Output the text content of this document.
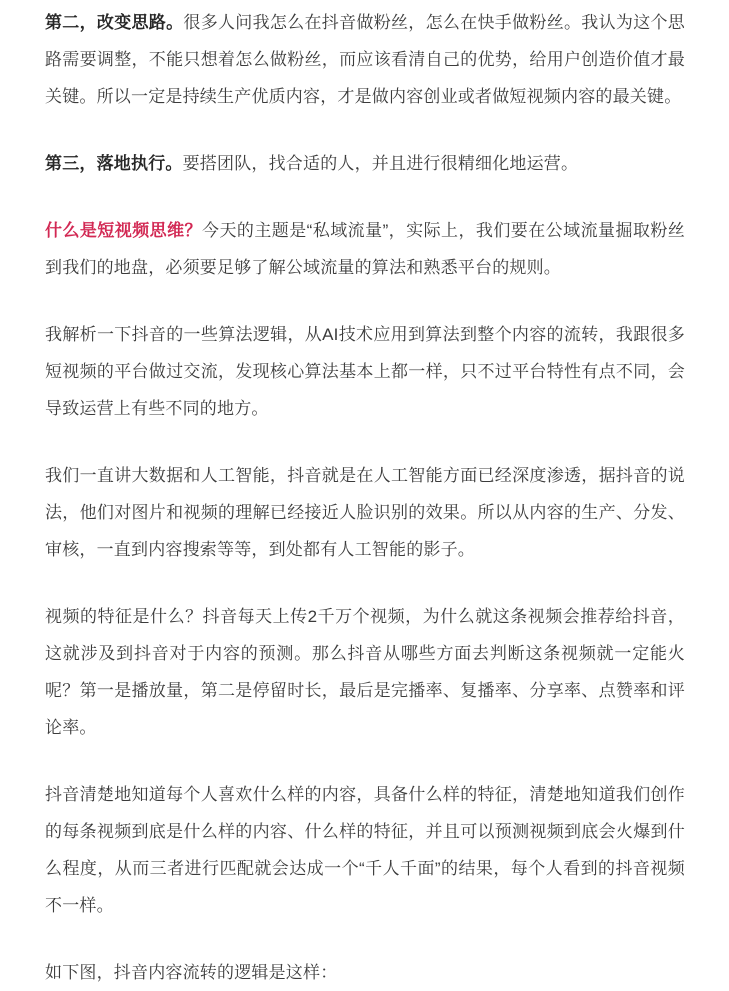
第二，改变思路。很多人问我怎么在抖音做粉丝，怎么在快手做粉丝。我认为这个思路需要调整，不能只想着怎么做粉丝，而应该看清自己的优势，给用户创造价值才最关键。所以一定是持续生产优质内容，才是做内容创业或者做短视频内容的最关键。

第三，落地执行。要搭团队，找合适的人，并且进行很精细化地运营。

什么是短视频思维？今天的主题是“私域流量”，实际上，我们要在公域流量掘取粉丝到我们的地盘，必须要足够了解公域流量的算法和熟悉平台的规则。

我解析一下抖音的一些算法逻辑，从AI技术应用到算法到整个内容的流转，我跟很多短视频的平台做过交流，发现核心算法基本上都一样，只不过平台特性有点不同，会导致运营上有些不同的地方。

我们一直讲大数据和人工智能，抖音就是在人工智能方面已经深度渗透，据抖音的说法，他们对图片和视频的理解已经接近人脸识别的效果。所以从内容的生产、分发、审核，一直到内容搜索等等，到处都有人工智能的影子。

视频的特征是什么？抖音每天上传2千万个视频，为什么就这条视频会推荐给抖音，这就涉及到抖音对于内容的预测。那么抖音从哪些方面去判断这条视频就一定能火呢？第一是播放量，第二是停留时长，最后是完播率、复播率、分享率、点赞率和评论率。

抖音清楚地知道每个人喜欢什么样的内容，具备什么样的特征，清楚地知道我们创作的每条视频到底是什么样的内容、什么样的特征，并且可以预测视频到底会火爆到什么程度，从而三者进行匹配就会达成一个“千人千面”的结果，每个人看到的抖音视频不一样。

如下图，抖音内容流转的逻辑是这样：
